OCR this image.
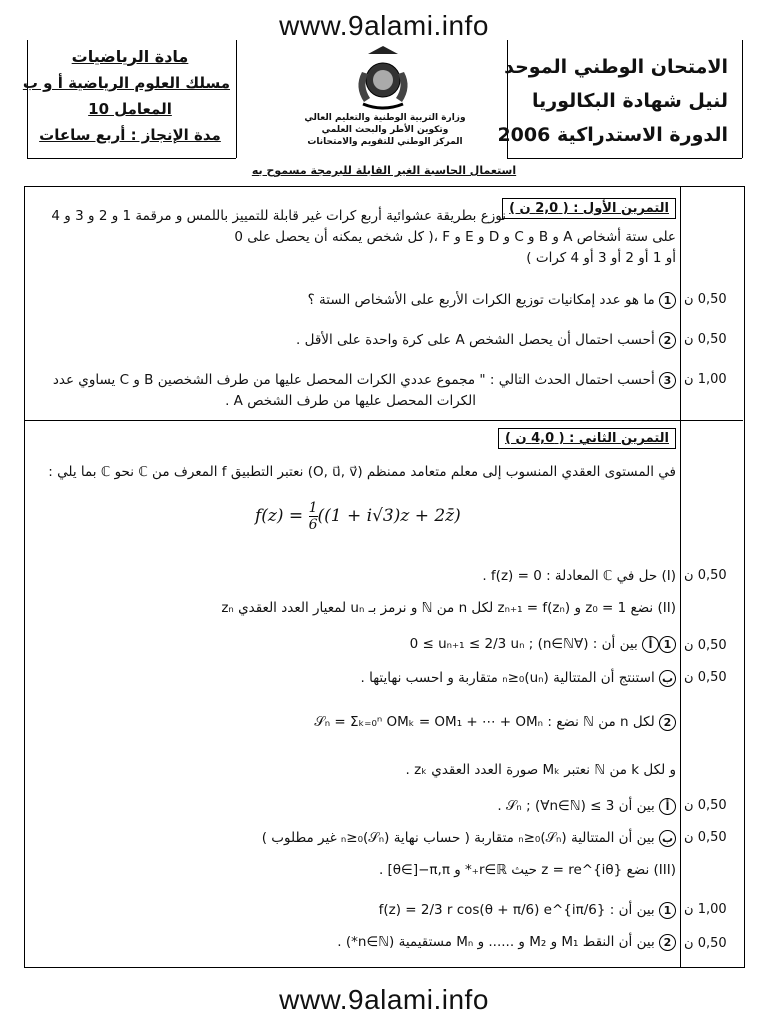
www.9alami.info
الامتحان الوطني الموحد
لنيل شهادة البكالوريا
الدورة الاستدراكية 2006
مادة الرياضيات
مسلك العلوم الرياضية أ و ب
المعامل 10
مدة الإنجاز : أربع ساعات
وزارة التربية الوطنية والتعليم العالي
وتكوين الأطر والبحث العلمي
المركز الوطني للتقويم والامتحانات
استعمال الحاسبة الغير القابلة للبرمجة مسموح به
التمرين الأول : ( 2,0 ن )
نوزع بطريقة عشوائية أربع كرات غير قابلة للتمييز باللمس و مرقمة 1 و 2 و 3 و 4
على ستة أشخاص A و B و C و D و E و F ،( كل شخص يمكنه أن يحصل على 0
أو 1 أو 2 أو 3 أو 4 كرات )
0,50 ن
1 ما هو عدد إمكانيات توزيع الكرات الأربع على الأشخاص الستة ؟
0,50 ن
2 أحسب احتمال أن يحصل الشخص A على كرة واحدة على الأقل .
1,00 ن
3 أحسب احتمال الحدث التالي : " مجموع عددي الكرات المحصل عليها من طرف الشخصين B و C يساوي عدد
الكرات المحصل عليها من طرف الشخص A .
التمرين الثاني : ( 4,0 ن )
في المستوى العقدي المنسوب إلى معلم متعامد ممنظم (O, u⃗, v⃗) نعتبر التطبيق f المعرف من ℂ نحو ℂ بما يلي :
$f(z) = \frac{1}{6} ((1 + i√3)z$ + 2z̄)
0,50 ن
(I) حل في ℂ المعادلة : f(z) = 0 .
(II) نضع z₀ = 1 و zₙ₊₁ = f(zₙ) لكل n من ℕ و نرمز بـ uₙ لمعيار العدد العقدي zₙ
0,50 ن
1أ بين أن : (∀n∈ℕ) ; 0 ≤ uₙ₊₁ ≤ 2/3 uₙ
0,50 ن
ب استنتج أن المتتالية (uₙ)ₙ≥₀ متقاربة و احسب نهايتها .
2 لكل n من ℕ نضع : 𝒮ₙ = Σₖ₌₀ⁿ OMₖ = OM₁ + ⋯ + OMₙ
و لكل k من ℕ نعتبر Mₖ صورة العدد العقدي zₖ .
0,50 ن
أ بين أن 3 ≥ 𝒮ₙ ; (∀n∈ℕ) .
0,50 ن
ب بين أن المتتالية (𝒮ₙ)ₙ≥₀ متقاربة ( حساب نهاية (𝒮ₙ)ₙ≥₀ غير مطلوب )
(III) نضع z = re^{iθ} حيث r∈ℝ₊* و θ∈]−π,π] .
1,00 ن
1 بين أن : f(z) = 2/3 r cos(θ + π/6) e^{iπ/6}
0,50 ن
2 بين أن النقط M₁ و M₂ و ...... و Mₙ مستقيمية (n∈ℕ*) .
www.9alami.info
